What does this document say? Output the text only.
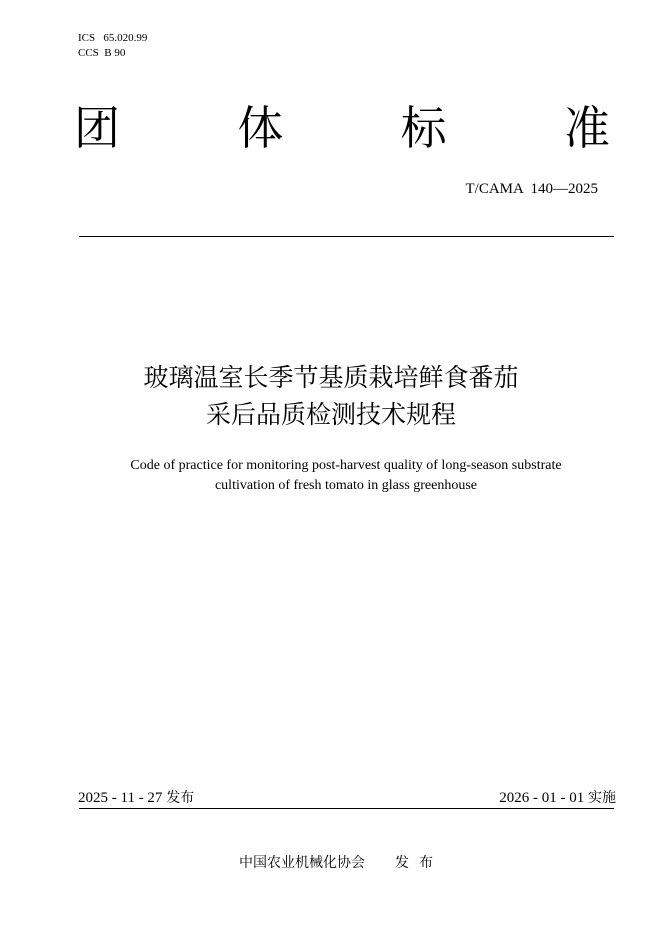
ICS   65.020.99
CCS  B 90
团	体	标	准
T/CAMA  140—2025
玻璃温室长季节基质栽培鲜食番茄
采后品质检测技术规程
Code of practice for monitoring post-harvest quality of long-season substrate
cultivation of fresh tomato in glass greenhouse
2025 - 11 - 27 发布	2026 - 01 - 01 实施
中国农业机械化协会 发布
